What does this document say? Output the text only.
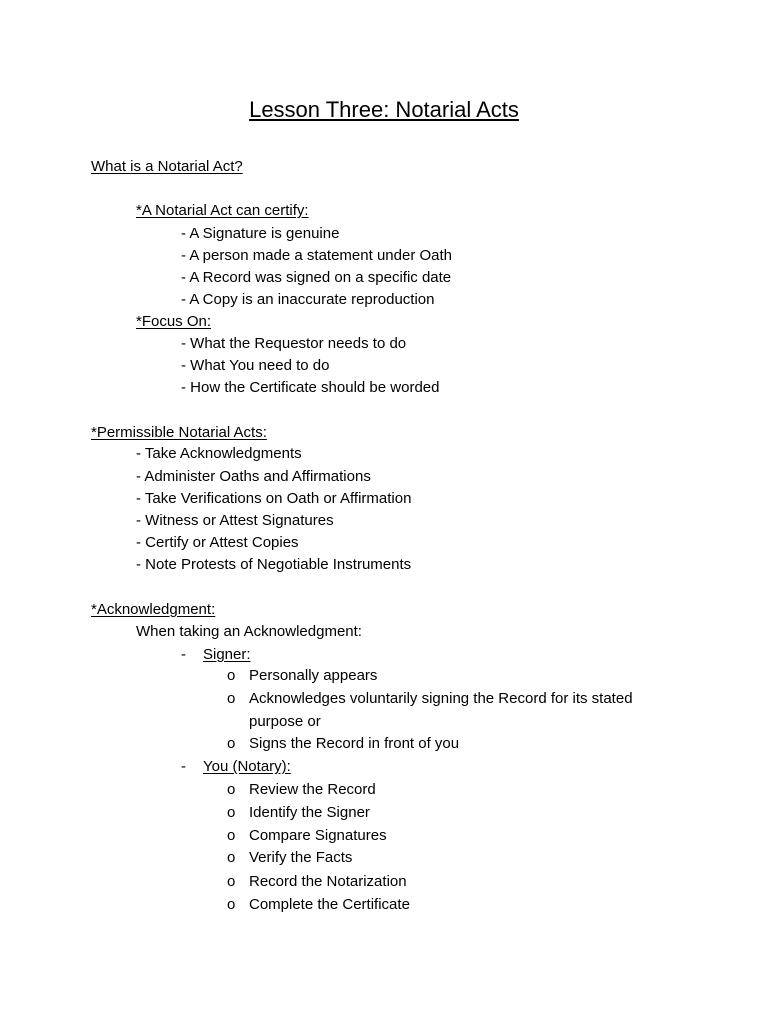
Lesson Three: Notarial Acts
What is a Notarial Act?
*A Notarial Act can certify:
- A Signature is genuine
- A person made a statement under Oath
- A Record was signed on a specific date
- A Copy is an inaccurate reproduction
*Focus On:
- What the Requestor needs to do
- What You need to do
- How the Certificate should be worded
*Permissible Notarial Acts:
- Take Acknowledgments
- Administer Oaths and Affirmations
- Take Verifications on Oath or Affirmation
- Witness or Attest Signatures
- Certify or Attest Copies
- Note Protests of Negotiable Instruments
*Acknowledgment:
When taking an Acknowledgment:
- Signer:
o Personally appears
o Acknowledges voluntarily signing the Record for its stated
purpose or
o Signs the Record in front of you
- You (Notary):
o Review the Record
o Identify the Signer
o Compare Signatures
o Verify the Facts
o Record the Notarization
o Complete the Certificate
